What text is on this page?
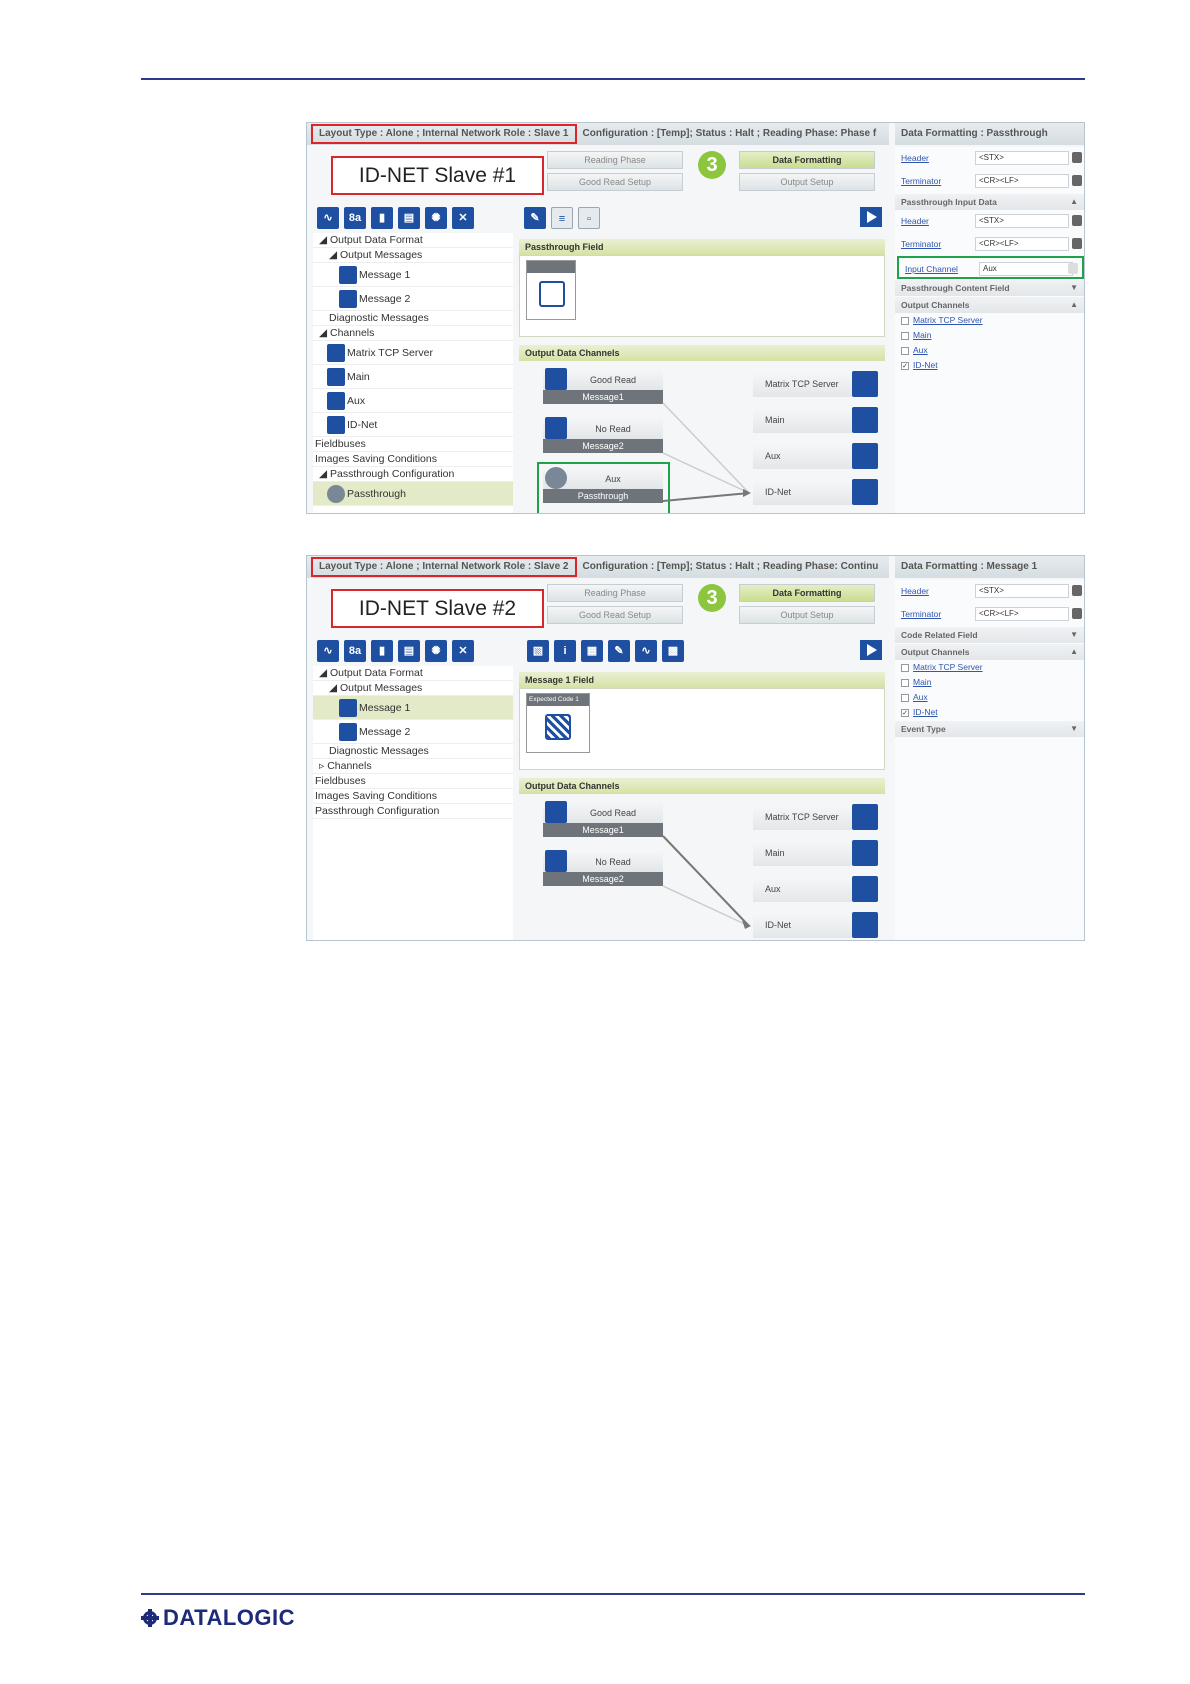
Layout Type : Alone ; Internal Network Role : Slave 1 Configuration : [Temp]; Status : Halt ; Reading Phase: Phase f	Data Formatting : Passthrough
ID-NET Slave #1
Reading Phase
Good Read Setup
3	Data Formatting
Output Setup
∿	8a	▮	▤	✺	✕	✎	≡	▫
◢ Output Data Format
◢ Output Messages
Message 1
Message 2
Diagnostic Messages
◢ Channels
Matrix TCP Server
Main
Aux
ID-Net
Fieldbuses
Images Saving Conditions
◢ Passthrough Configuration
Passthrough
Passthrough Field
Output Data Channels
Good Read
Message1
No Read
Message2
Aux
Passthrough
Matrix TCP Server
Main
Aux
ID-Net
Header	<STX>
Terminator	<CR><LF>
Passthrough Input Data	▲
Header	<STX>
Terminator	<CR><LF>
Input Channel	Aux
Passthrough Content Field	▼
Output Channels	▲
Matrix TCP Server
Main
Aux
✓ ID-Net
Layout Type : Alone ; Internal Network Role : Slave 2 Configuration : [Temp]; Status : Halt ; Reading Phase: Continu	Data Formatting : Message 1
ID-NET Slave #2
Reading Phase
Good Read Setup
3	Data Formatting
Output Setup
∿	8a	▮	▤	✺	✕	▧	i	▦	✎	∿	▩
◢ Output Data Format
◢ Output Messages
Message 1
Message 2
Diagnostic Messages
▹ Channels
Fieldbuses
Images Saving Conditions
Passthrough Configuration
Message 1 Field
Expected Code 1
Output Data Channels
Good Read
Message1
No Read
Message2
Matrix TCP Server
Main
Aux
ID-Net
Header	<STX>
Terminator	<CR><LF>
Code Related Field	▼
Output Channels	▲
Matrix TCP Server
Main
Aux
✓ ID-Net
Event Type	▼
DATALOGIC
